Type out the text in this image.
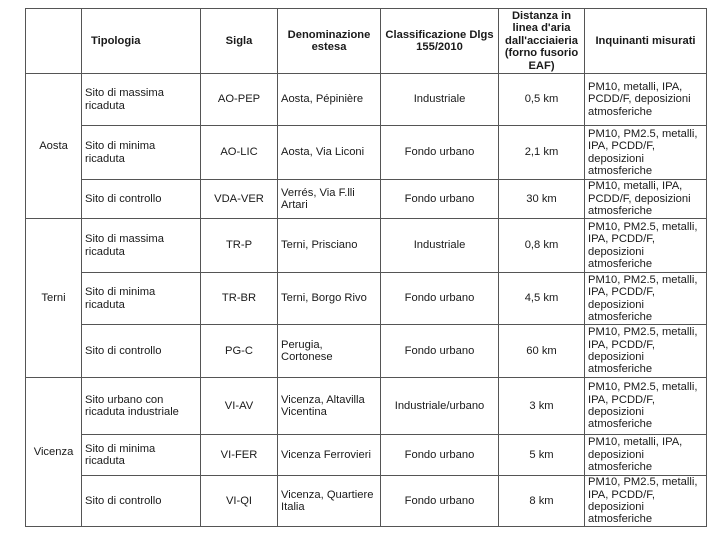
	Tipologia	Sigla	Denominazione estesa	Classificazione Dlgs 155/2010	Distanza in linea d'aria dall'acciaieria (forno fusorio EAF)	Inquinanti misurati
Aosta	Sito di massima ricaduta	AO-PEP	Aosta, Pépinière	Industriale	0,5 km	PM10, metalli, IPA, PCDD/F, deposizioni atmosferiche
	Sito di minima ricaduta	AO-LIC	Aosta, Via Liconi	Fondo urbano	2,1 km	PM10, PM2.5, metalli, IPA, PCDD/F, deposizioni atmosferiche
	Sito di controllo	VDA-VER	Verrés, Via F.lli Artari	Fondo urbano	30 km	PM10, metalli, IPA, PCDD/F, deposizioni atmosferiche
Terni	Sito di massima ricaduta	TR-P	Terni, Prisciano	Industriale	0,8 km	PM10, PM2.5, metalli, IPA, PCDD/F, deposizioni atmosferiche
	Sito di minima ricaduta	TR-BR	Terni, Borgo Rivo	Fondo urbano	4,5 km	PM10, PM2.5, metalli, IPA, PCDD/F, deposizioni atmosferiche
	Sito di controllo	PG-C	Perugia, Cortonese	Fondo urbano	60 km	PM10, PM2.5, metalli, IPA, PCDD/F, deposizioni atmosferiche
Vicenza	Sito urbano con ricaduta industriale	VI-AV	Vicenza, Altavilla Vicentina	Industriale/urbano	3 km	PM10, PM2.5, metalli, IPA, PCDD/F, deposizioni atmosferiche
	Sito di minima ricaduta	VI-FER	Vicenza Ferrovieri	Fondo urbano	5 km	PM10, metalli, IPA, deposizioni atmosferiche
	Sito di controllo	VI-QI	Vicenza, Quartiere Italia	Fondo urbano	8 km	PM10, PM2.5, metalli, IPA, PCDD/F, deposizioni atmosferiche
